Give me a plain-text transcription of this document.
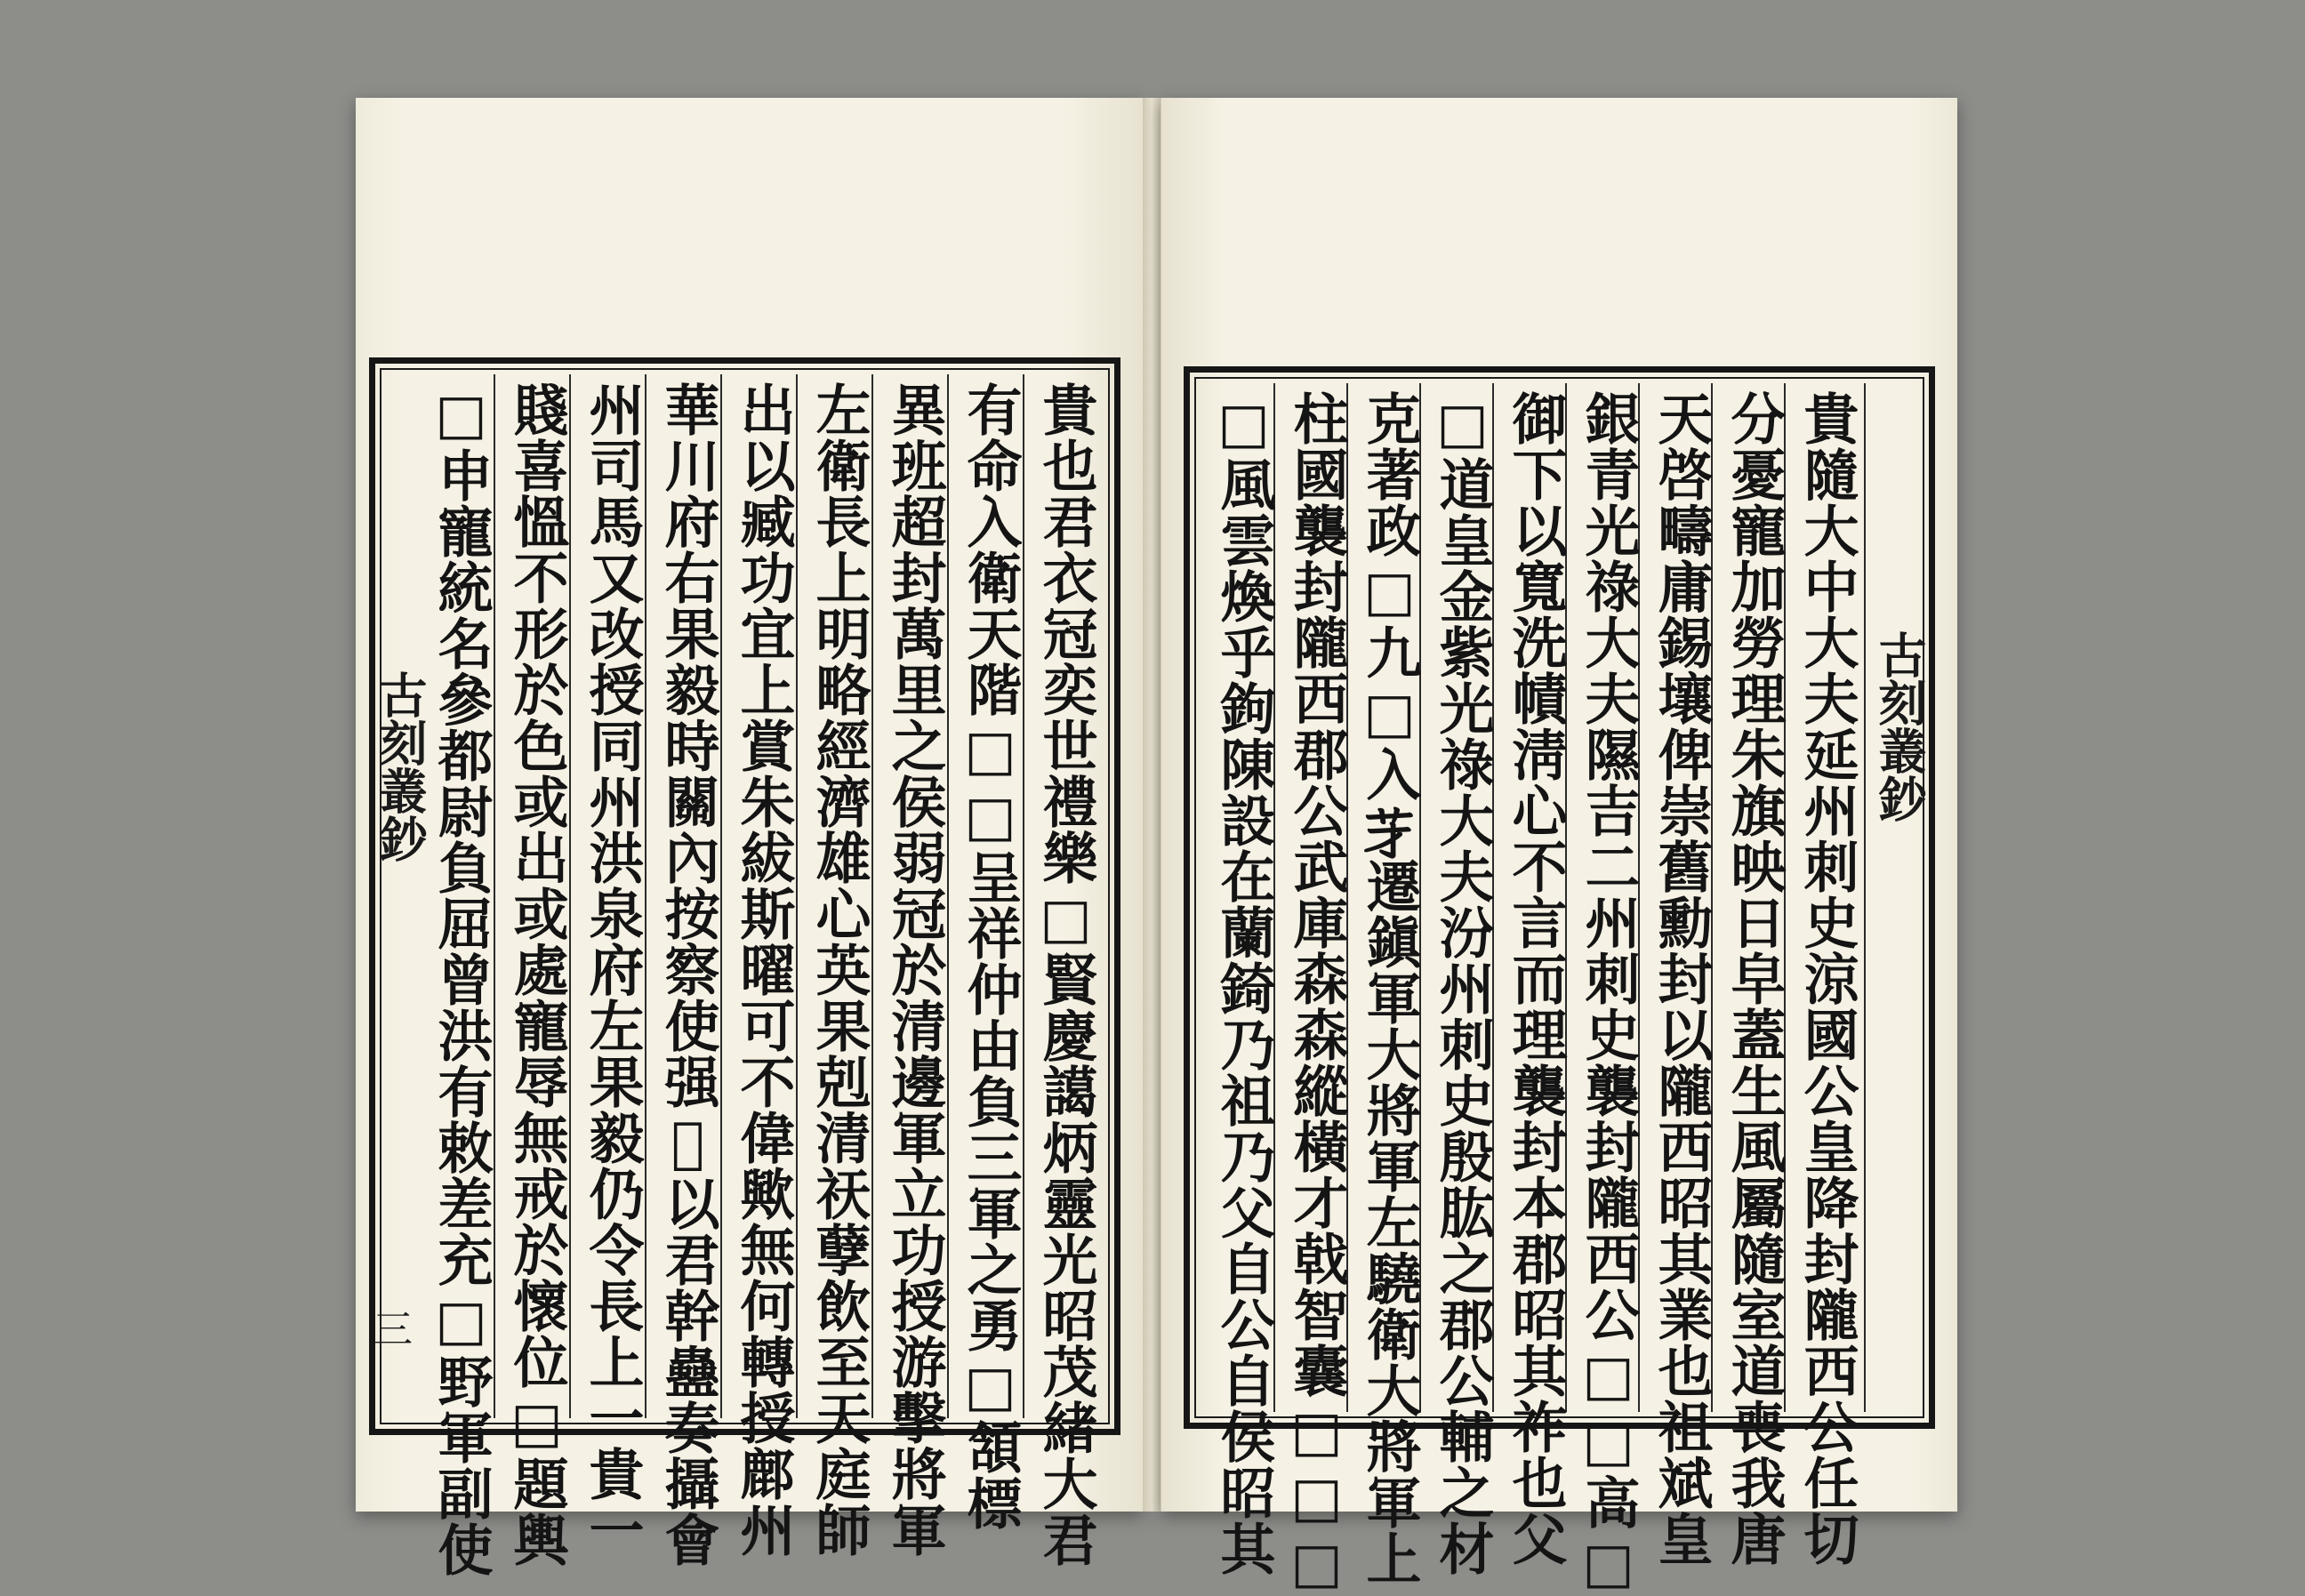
貴也君衣冠奕世禮樂□賢慶譪炳靈光昭茂緒大君
有命入衛天階□□呈祥仲由負三軍之勇□頷標
異班超封萬里之侯弱冠於清邊軍立功授游擊將軍
左衛長上明略經濟雄心英果剋清祆孽飲至天庭師
出以臧功宜上賞朱紱斯曜可不偉歟無何轉授鄜州
華川府右果毅時關內按察使强𠊓以君幹蠱奏攝會
州司馬又改授同州洪泉府左果毅仍令長上一貴一
賤喜慍不形於色或出或處寵辱無戒於懷位□題輿
□申寵統名參都尉負屈曾洪有敕差充□野軍副使
古刻叢鈔
三	貴隨大中大夫延州刺史涼國公皇降封隴西公任切
分憂寵加勞理朱旗映日皁蓋生風屬隨室道喪我唐
天啓疇庸錫壤俾崇舊勳封以隴西昭其業也祖斌皇
銀青光祿大夫隰吉二州刺史襲封隴西公□□高□
御下以寬洗幘淸心不言而理襲封本郡昭其祚也父
□道皇金紫光祿大夫汾州刺史殷肱之郡公輔之材
克著政□九□入𦬁遷鎭軍大將軍左驍衛大將軍上
柱國襲封隴西郡公武庫森森縱橫才戟智囊□□□
□風雲煥乎鉤陳設在蘭錡乃祖乃父自公自侯昭其	古刻叢鈔
